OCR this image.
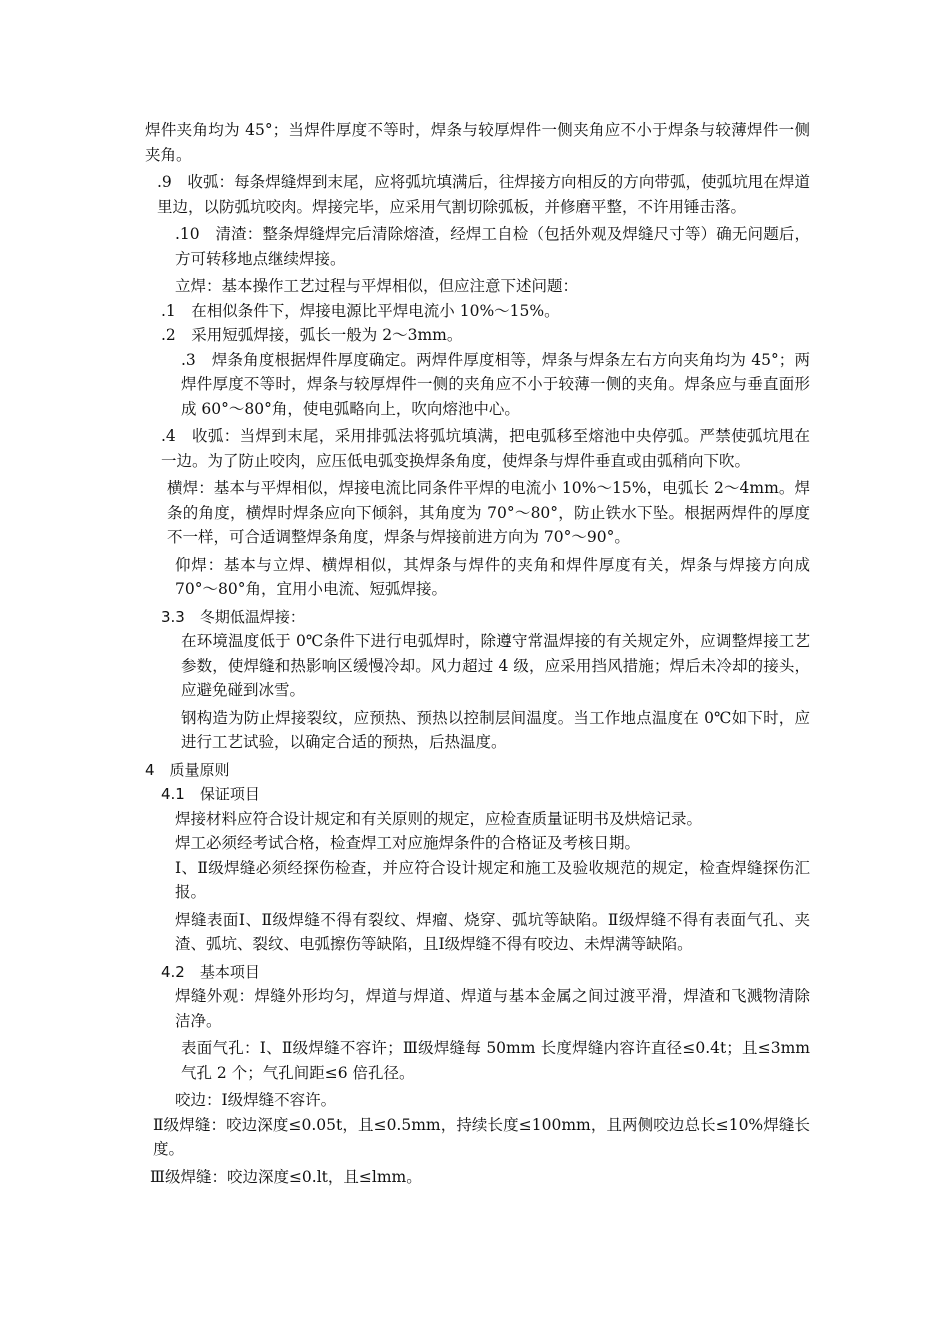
焊件夹角均为 45°；当焊件厚度不等时，焊条与较厚焊件一侧夹角应不小于焊条与较薄焊件一侧夹角。

.9　收弧：每条焊缝焊到末尾，应将弧坑填满后，往焊接方向相反的方向带弧，使弧坑甩在焊道里边，以防弧坑咬肉。焊接完毕，应采用气割切除弧板，并修磨平整，不许用锤击落。

.10　清渣：整条焊缝焊完后清除熔渣，经焊工自检（包括外观及焊缝尺寸等）确无问题后，方可转移地点继续焊接。

立焊：基本操作工艺过程与平焊相似，但应注意下述问题：

.1　在相似条件下，焊接电源比平焊电流小 10%～15%。

.2　采用短弧焊接，弧长一般为 2～3mm。

.3　焊条角度根据焊件厚度确定。两焊件厚度相等，焊条与焊条左右方向夹角均为 45°；两焊件厚度不等时，焊条与较厚焊件一侧的夹角应不小于较薄一侧的夹角。焊条应与垂直面形成 60°～80°角，使电弧略向上，吹向熔池中心。

.4　收弧：当焊到末尾，采用排弧法将弧坑填满，把电弧移至熔池中央停弧。严禁使弧坑甩在一边。为了防止咬肉，应压低电弧变换焊条角度，使焊条与焊件垂直或由弧稍向下吹。

横焊：基本与平焊相似，焊接电流比同条件平焊的电流小 10%～15%，电弧长 2～4mm。焊条的角度，横焊时焊条应向下倾斜，其角度为 70°～80°，防止铁水下坠。根据两焊件的厚度不一样，可合适调整焊条角度，焊条与焊接前进方向为 70°～90°。

仰焊：基本与立焊、横焊相似，其焊条与焊件的夹角和焊件厚度有关，焊条与焊接方向成 70°～80°角，宜用小电流、短弧焊接。

3.3　冬期低温焊接：

在环境温度低于 0℃条件下进行电弧焊时，除遵守常温焊接的有关规定外，应调整焊接工艺参数，使焊缝和热影响区缓慢冷却。风力超过 4 级，应采用挡风措施；焊后未冷却的接头，应避免碰到冰雪。

钢构造为防止焊接裂纹，应预热、预热以控制层间温度。当工作地点温度在 0℃如下时，应进行工艺试验，以确定合适的预热，后热温度。

4　质量原则

4.1　保证项目

焊接材料应符合设计规定和有关原则的规定，应检查质量证明书及烘焙记录。

焊工必须经考试合格，检查焊工对应施焊条件的合格证及考核日期。

Ⅰ、Ⅱ级焊缝必须经探伤检查，并应符合设计规定和施工及验收规范的规定，检查焊缝探伤汇报。

焊缝表面Ⅰ、Ⅱ级焊缝不得有裂纹、焊瘤、烧穿、弧坑等缺陷。Ⅱ级焊缝不得有表面气孔、夹渣、弧坑、裂纹、电弧擦伤等缺陷，且Ⅰ级焊缝不得有咬边、未焊满等缺陷。

4.2　基本项目

焊缝外观：焊缝外形均匀，焊道与焊道、焊道与基本金属之间过渡平滑，焊渣和飞溅物清除洁净。

表面气孔：Ⅰ、Ⅱ级焊缝不容许；Ⅲ级焊缝每 50mm 长度焊缝内容许直径≤0.4t；且≤3mm 气孔 2 个；气孔间距≤6 倍孔径。

咬边：Ⅰ级焊缝不容许。

Ⅱ级焊缝：咬边深度≤0.05t，且≤0.5mm，持续长度≤100mm，且两侧咬边总长≤10%焊缝长度。

Ⅲ级焊缝：咬边深度≤0.lt，且≤lmm。
